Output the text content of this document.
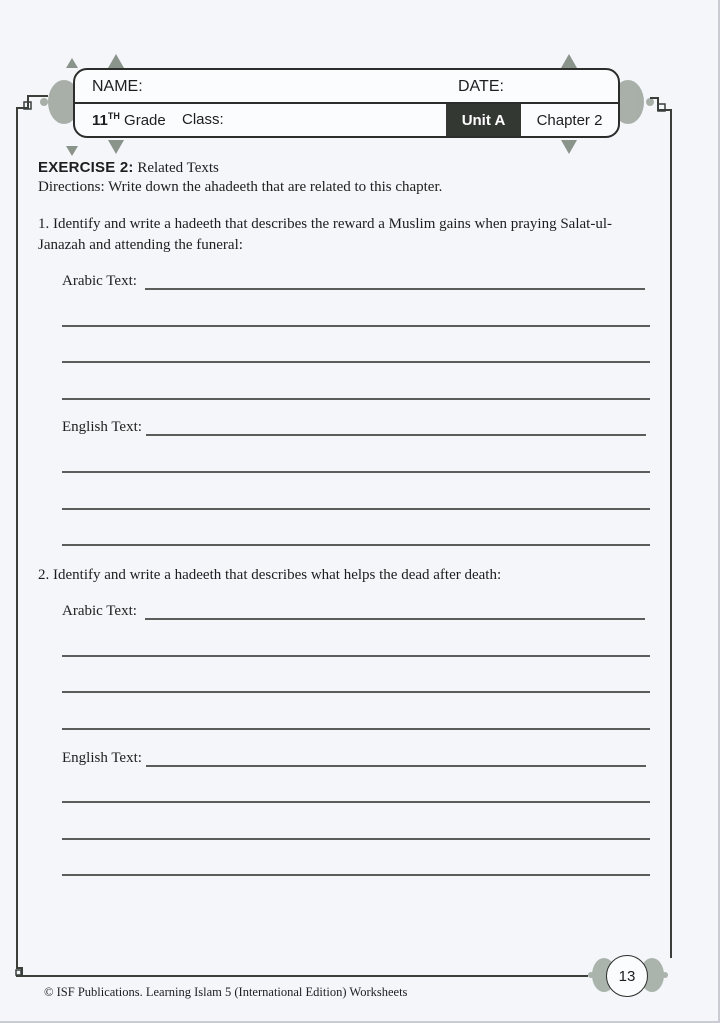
NAME:	DATE:
11TH Grade Class:	Unit A	Chapter 2
EXERCISE 2: Related Texts
Directions: Write down the ahadeeth that are related to this chapter.
1. Identify and write a hadeeth that describes the reward a Muslim gains when praying Salat-ul-Janazah and attending the funeral:
Arabic Text:
English Text:
2. Identify and write a hadeeth that describes what helps the dead after death:
Arabic Text:
English Text:
13
© ISF Publications. Learning Islam 5 (International Edition) Worksheets
